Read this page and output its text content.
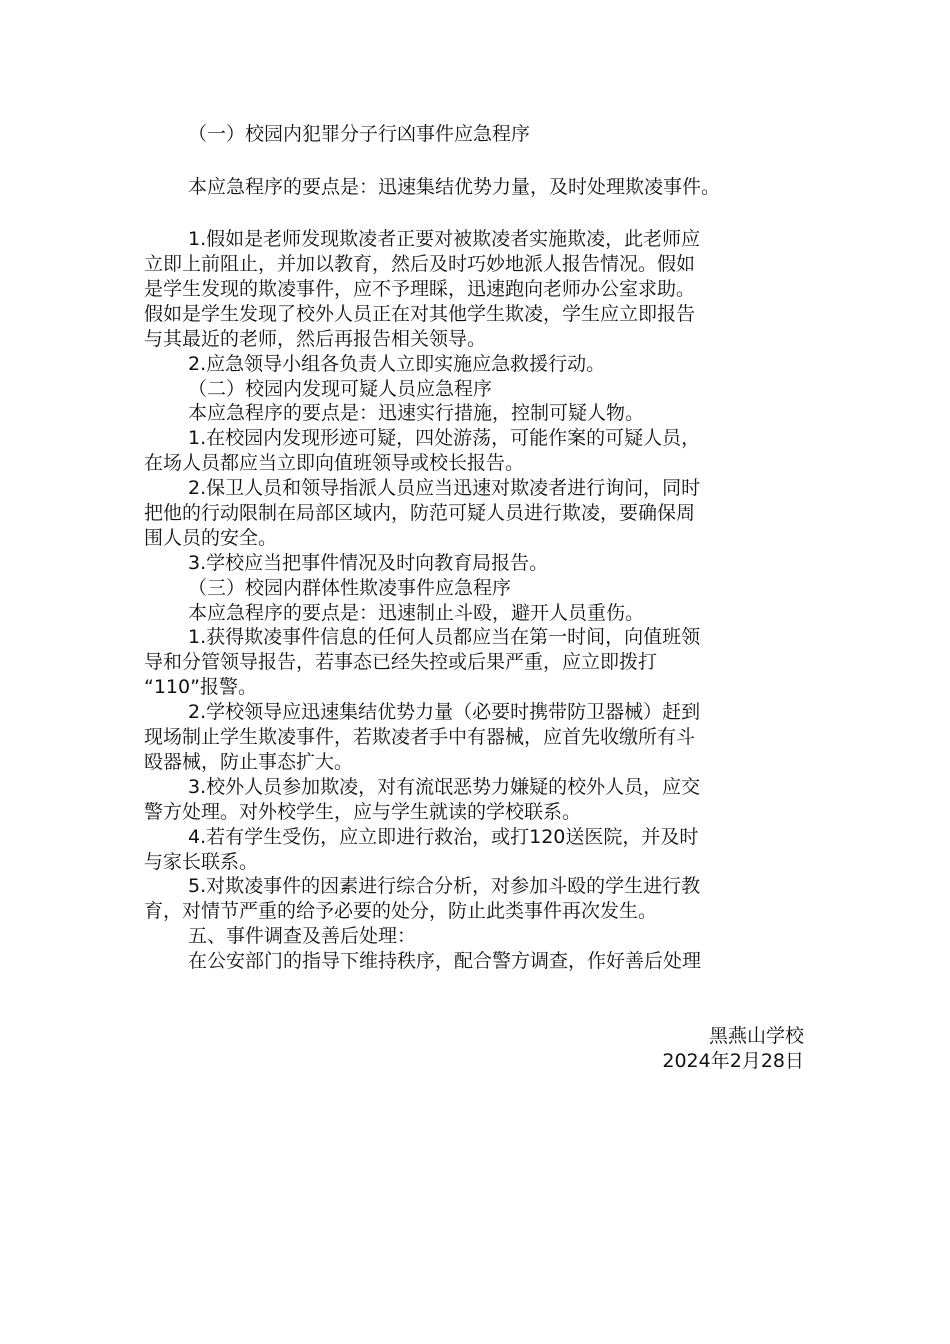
（一）校园内犯罪分子行凶事件应急程序
本应急程序的要点是：迅速集结优势力量，及时处理欺凌事件。
1.假如是老师发现欺凌者正要对被欺凌者实施欺凌，此老师应
立即上前阻止，并加以教育，然后及时巧妙地派人报告情况。假如
是学生发现的欺凌事件，应不予理睬，迅速跑向老师办公室求助。
假如是学生发现了校外人员正在对其他学生欺凌，学生应立即报告
与其最近的老师，然后再报告相关领导。
2.应急领导小组各负责人立即实施应急救援行动。
（二）校园内发现可疑人员应急程序
本应急程序的要点是：迅速实行措施，控制可疑人物。
1.在校园内发现形迹可疑，四处游荡，可能作案的可疑人员，
在场人员都应当立即向值班领导或校长报告。
2.保卫人员和领导指派人员应当迅速对欺凌者进行询问，同时
把他的行动限制在局部区域内，防范可疑人员进行欺凌，要确保周
围人员的安全。
3.学校应当把事件情况及时向教育局报告。
（三）校园内群体性欺凌事件应急程序
本应急程序的要点是：迅速制止斗殴，避开人员重伤。
1.获得欺凌事件信息的任何人员都应当在第一时间，向值班领
导和分管领导报告，若事态已经失控或后果严重，应立即拨打
“110”报警。
2.学校领导应迅速集结优势力量（必要时携带防卫器械）赶到
现场制止学生欺凌事件，若欺凌者手中有器械，应首先收缴所有斗
殴器械，防止事态扩大。
3.校外人员参加欺凌，对有流氓恶势力嫌疑的校外人员，应交
警方处理。对外校学生，应与学生就读的学校联系。
4.若有学生受伤，应立即进行救治，或打120送医院，并及时
与家长联系。
5.对欺凌事件的因素进行综合分析，对参加斗殴的学生进行教
育，对情节严重的给予必要的处分，防止此类事件再次发生。
五、事件调查及善后处理：
在公安部门的指导下维持秩序，配合警方调查，作好善后处理
黑燕山学校
2024年2月28日
